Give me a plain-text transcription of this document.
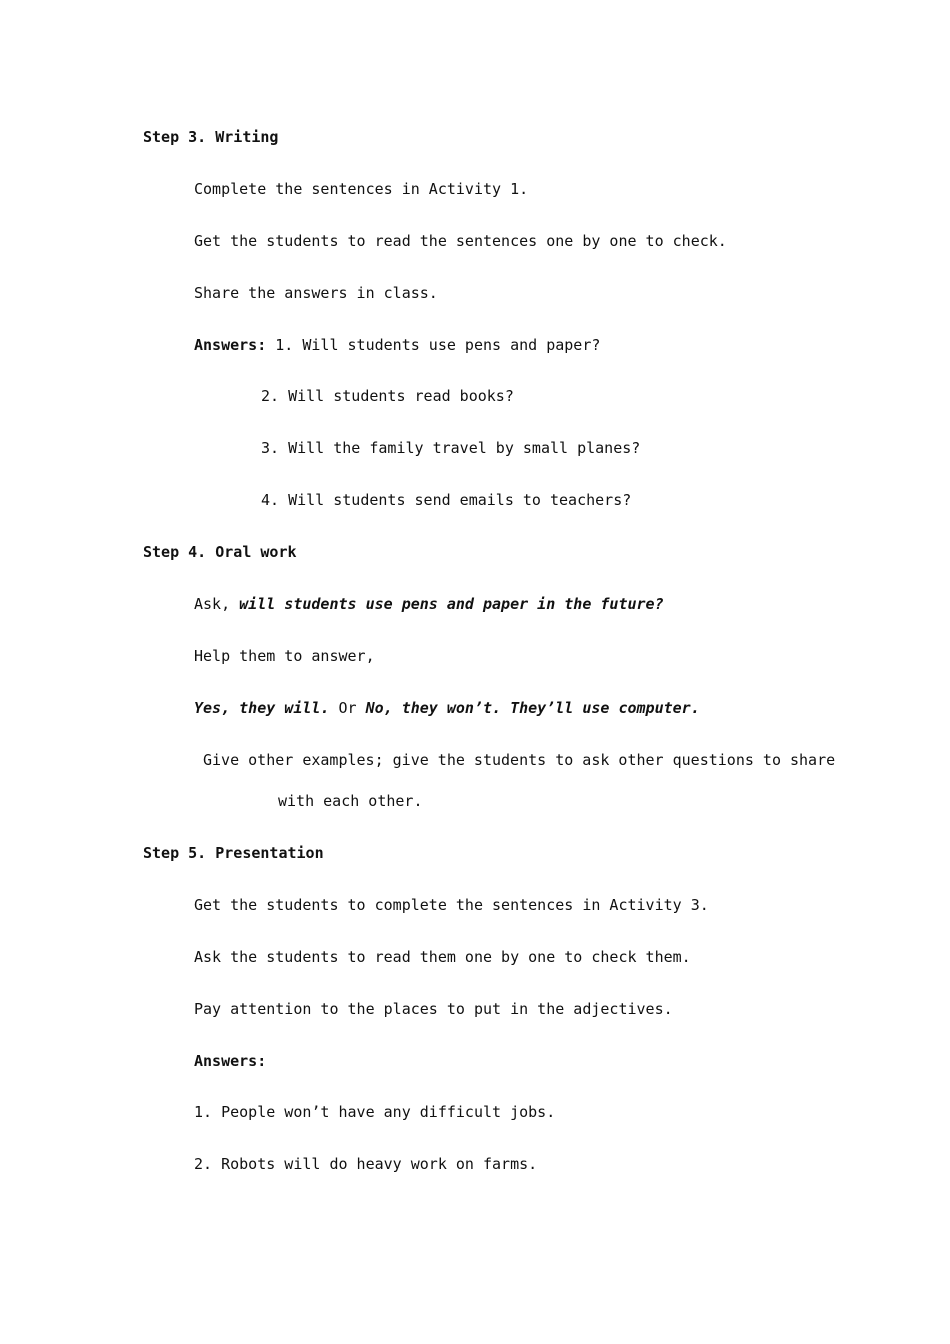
Step 3. Writing

Complete the sentences in Activity 1.

Get the students to read the sentences one by one to check.

Share the answers in class.

Answers: 1. Will students use pens and paper?

2. Will students read books?

3. Will the family travel by small planes?

4. Will students send emails to teachers?

Step 4. Oral work

Ask, will students use pens and paper in the future?

Help them to answer,

Yes, they will. Or No, they won’t. They’ll use computer.

Give other examples; give the students to ask other questions to share

with each other.

Step 5. Presentation

Get the students to complete the sentences in Activity 3.

Ask the students to read them one by one to check them.

Pay attention to the places to put in the adjectives.

Answers:

1. People won’t have any difficult jobs.

2. Robots will do heavy work on farms.
